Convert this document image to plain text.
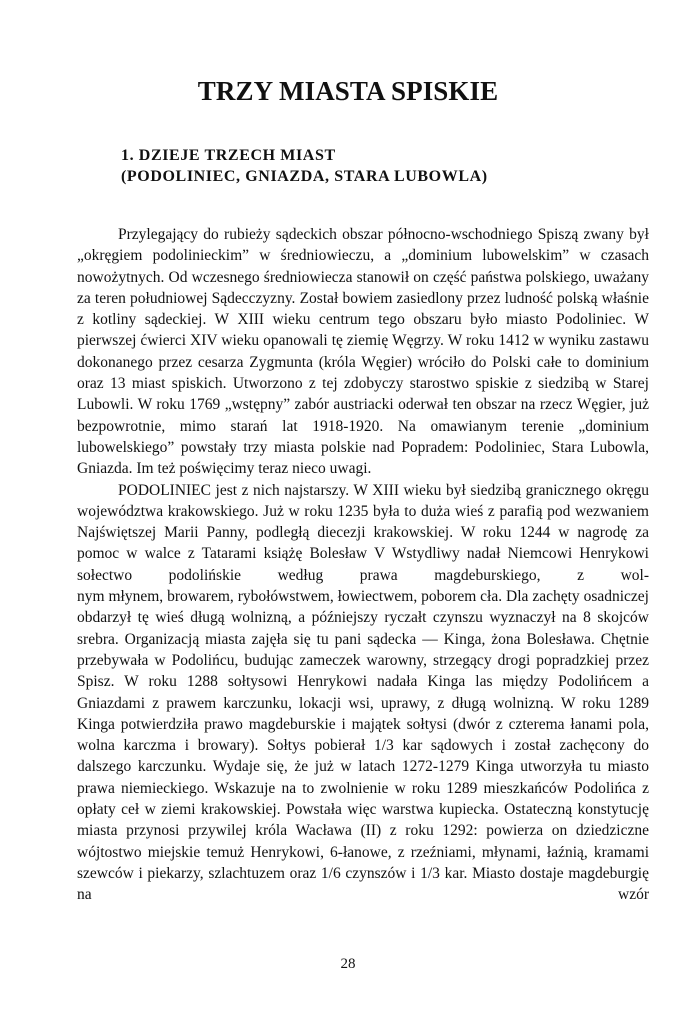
TRZY MIASTA SPISKIE
1. DZIEJE TRZECH MIAST
(PODOLINIEC, GNIAZDA, STARA LUBOWLA)

Przylegający do rubieży sądeckich obszar północno-wschodniego Spiszą zwany był „okręgiem podolinieckim” w średniowieczu, a „dominium lubowelskim” w czasach nowożytnych. Od wczesnego średniowiecza stanowił on część państwa polskiego, uważany za teren południowej Sądecczyzny. Został bowiem zasiedlony przez ludność polską właśnie z kotliny sądeckiej. W XIII wieku centrum tego obszaru było miasto Podoliniec. W pierwszej ćwierci XIV wieku opanowali tę ziemię Węgrzy. W roku 1412 w wyniku zastawu dokonanego przez cesarza Zygmunta (króla Węgier) wróciło do Polski całe to dominium oraz 13 miast spiskich. Utworzono z tej zdobyczy starostwo spiskie z siedzibą w Starej Lubowli. W roku 1769 „wstępny” zabór austriacki oderwał ten obszar na rzecz Węgier, już bezpowrotnie, mimo starań lat 1918-1920. Na omawianym terenie „dominium lubowelskiego” powstały trzy miasta polskie nad Popradem: Podoliniec, Stara Lubowla, Gniazda. Im też poświęcimy teraz nieco uwagi.

PODOLINIEC jest z nich najstarszy. W XIII wieku był siedzibą granicznego okręgu województwa krakowskiego. Już w roku 1235 była to duża wieś z parafią pod wezwaniem Najświętszej Marii Panny, podległą diecezji krakowskiej. W roku 1244 w nagrodę za pomoc w walce z Tatarami książę Bolesław V Wstydliwy nadał Niemcowi Henrykowi sołectwo podolińskie według prawa magdeburskiego, z wol-
nym młynem, browarem, rybołówstwem, łowiectwem, poborem cła. Dla zachęty osadniczej obdarzył tę wieś długą wolnizną, a późniejszy ryczałt czynszu wyznaczył na 8 skojców srebra. Organizacją miasta zajęła się tu pani sądecka — Kinga, żona Bolesława. Chętnie przebywała w Podolińcu, budując zameczek warowny, strzegący drogi popradzkiej przez Spisz. W roku 1288 sołtysowi Henrykowi nadała Kinga las między Podolińcem a Gniazdami z prawem karczunku, lokacji wsi, uprawy, z długą wolnizną. W roku 1289 Kinga potwierdziła prawo magdeburskie i majątek sołtysi (dwór z czterema łanami pola, wolna karczma i browary). Sołtys pobierał 1/3 kar sądowych i został zachęcony do dalszego karczunku. Wydaje się, że już w latach 1272-1279 Kinga utworzyła tu miasto prawa niemieckiego. Wskazuje na to zwolnienie w roku 1289 mieszkańców Podolińca z opłaty ceł w ziemi krakowskiej. Powstała więc warstwa kupiecka. Ostateczną konstytucję miasta przynosi przywilej króla Wacława (II) z roku 1292: powierza on dziedziczne wójtostwo miejskie temuż Henrykowi, 6-łanowe, z rzeźniami, młynami, łaźnią, kramami szewców i piekarzy, szlachtuzem oraz 1/6 czynszów i 1/3 kar. Miasto dostaje magdeburgię na wzór

28
